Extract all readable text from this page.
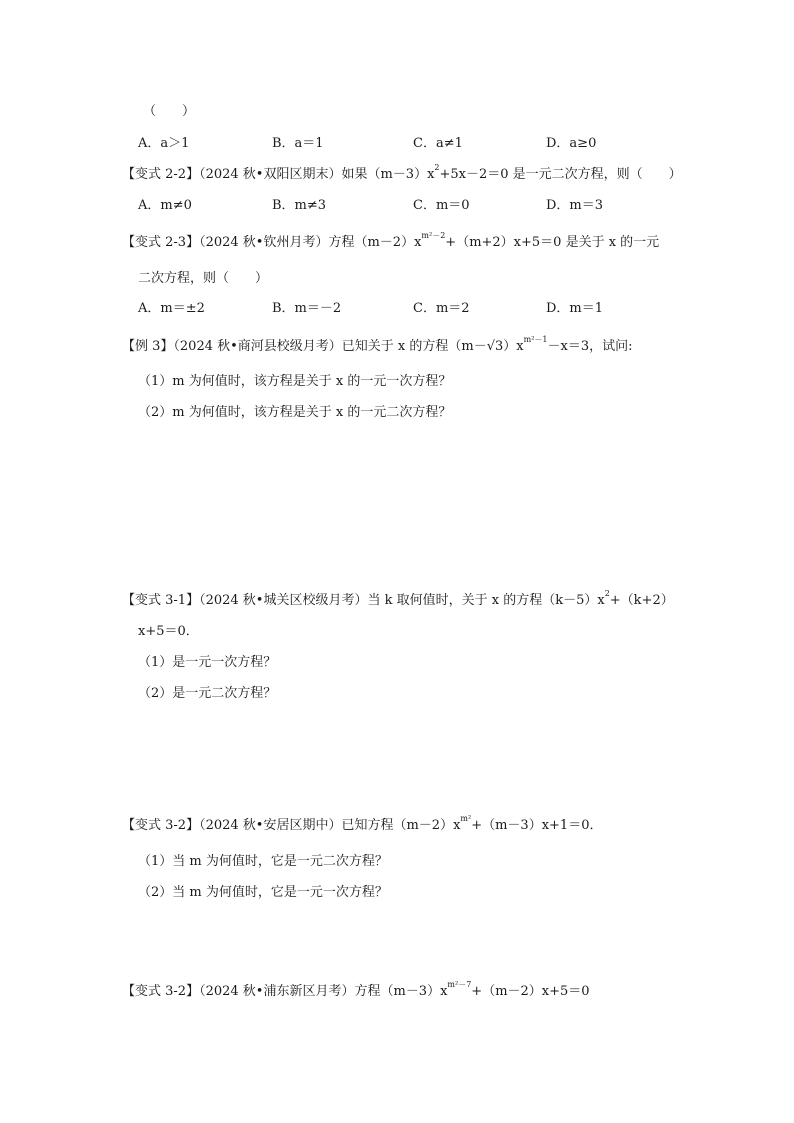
（　　）
A．a＞1	B．a＝1	C．a≠1	D．a≥0
【变式 2-2】（2024 秋•双阳区期末）如果$(m-3)x^2+5x-2=0$ 是一元二次方程，则（　　）
A．m≠0	B．m≠3	C．m＝0	D．m＝3
【变式 2-3】（2024 秋•钦州月考）方程$(m-2)x^{m^2-2}+(m+2)x+5=0$ 是关于 x 的一元
二次方程，则（　　）
A．m＝±2	B．m＝－2	C．m＝2	D．m＝1
【例 3】（2024 秋•商河县校级月考）已知关于 x 的方程$(m-√3)x^{m^2-1}-x=3$，试问:
（1）m 为何值时，该方程是关于 x 的一元一次方程？
（2）m 为何值时，该方程是关于 x 的一元二次方程？
【变式 3-1】（2024 秋•城关区校级月考）当 k 取何值时，关于 x 的方程$(k-5)x^2+(k+2)$
x+5＝0．
（1）是一元一次方程？
（2）是一元二次方程？
【变式 3-2】（2024 秋•安居区期中）已知方程$(m-2)x^{m^2}+(m-3)x+1=0$．
（1）当 m 为何值时，它是一元二次方程？
（2）当 m 为何值时，它是一元一次方程？
【变式 3-2】（2024 秋•浦东新区月考）方程$(m-3)x^{m^2-7}+(m-2)x+5=0$
